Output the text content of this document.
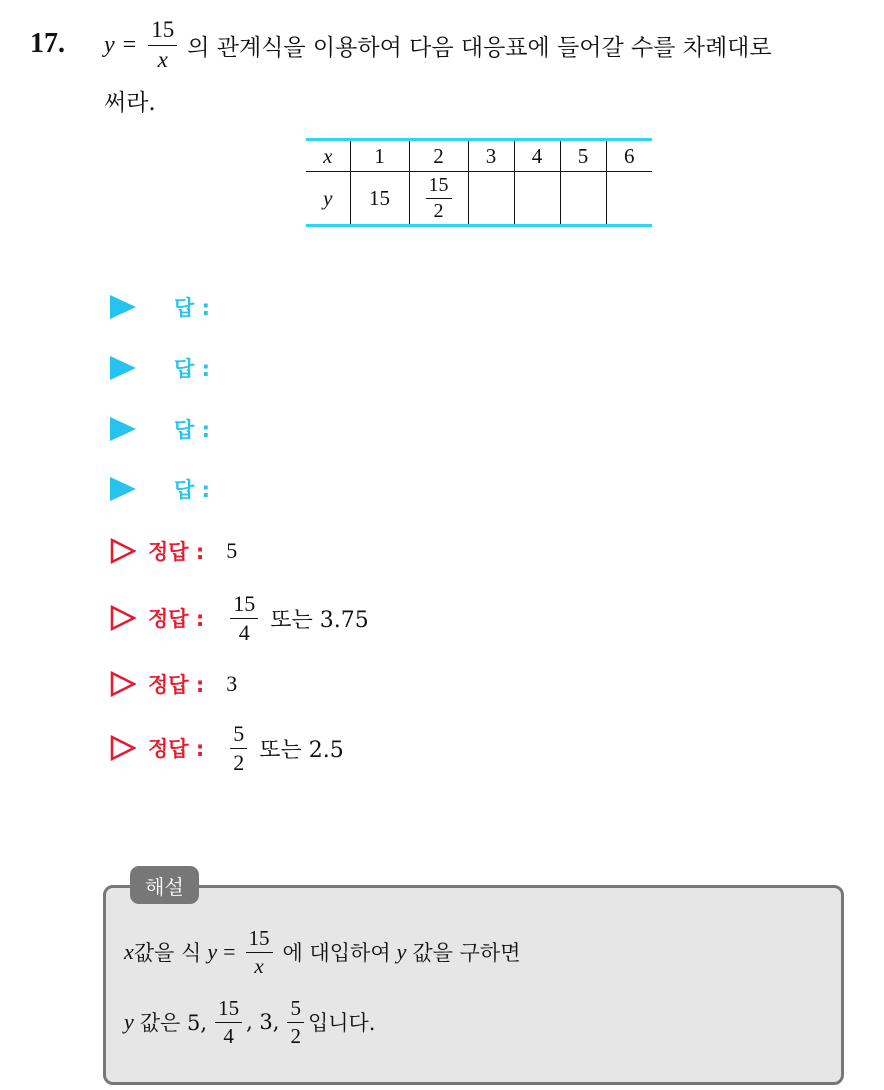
17. $y = \frac{15}{x}$ 의 관계식을 이용하여 다음 대응표에 들어갈 수를 차례대로
써라.
x	1	2	3	4	5	6
y	15	$\frac{15}{2}$

답 :
답 :
답 :
답 :
정답 : 5
정답 : $\frac{15}{4}$ 또는 3.75
정답 : 3
정답 : $\frac{5}{2}$ 또는 2.5
해설
x 값을 식 $y = \frac{15}{x}$ 에 대입하여 y 값을 구하면
y 값은 5, $\frac{15}{4}$ , 3, $\frac{5}{2}$ 입니다.
